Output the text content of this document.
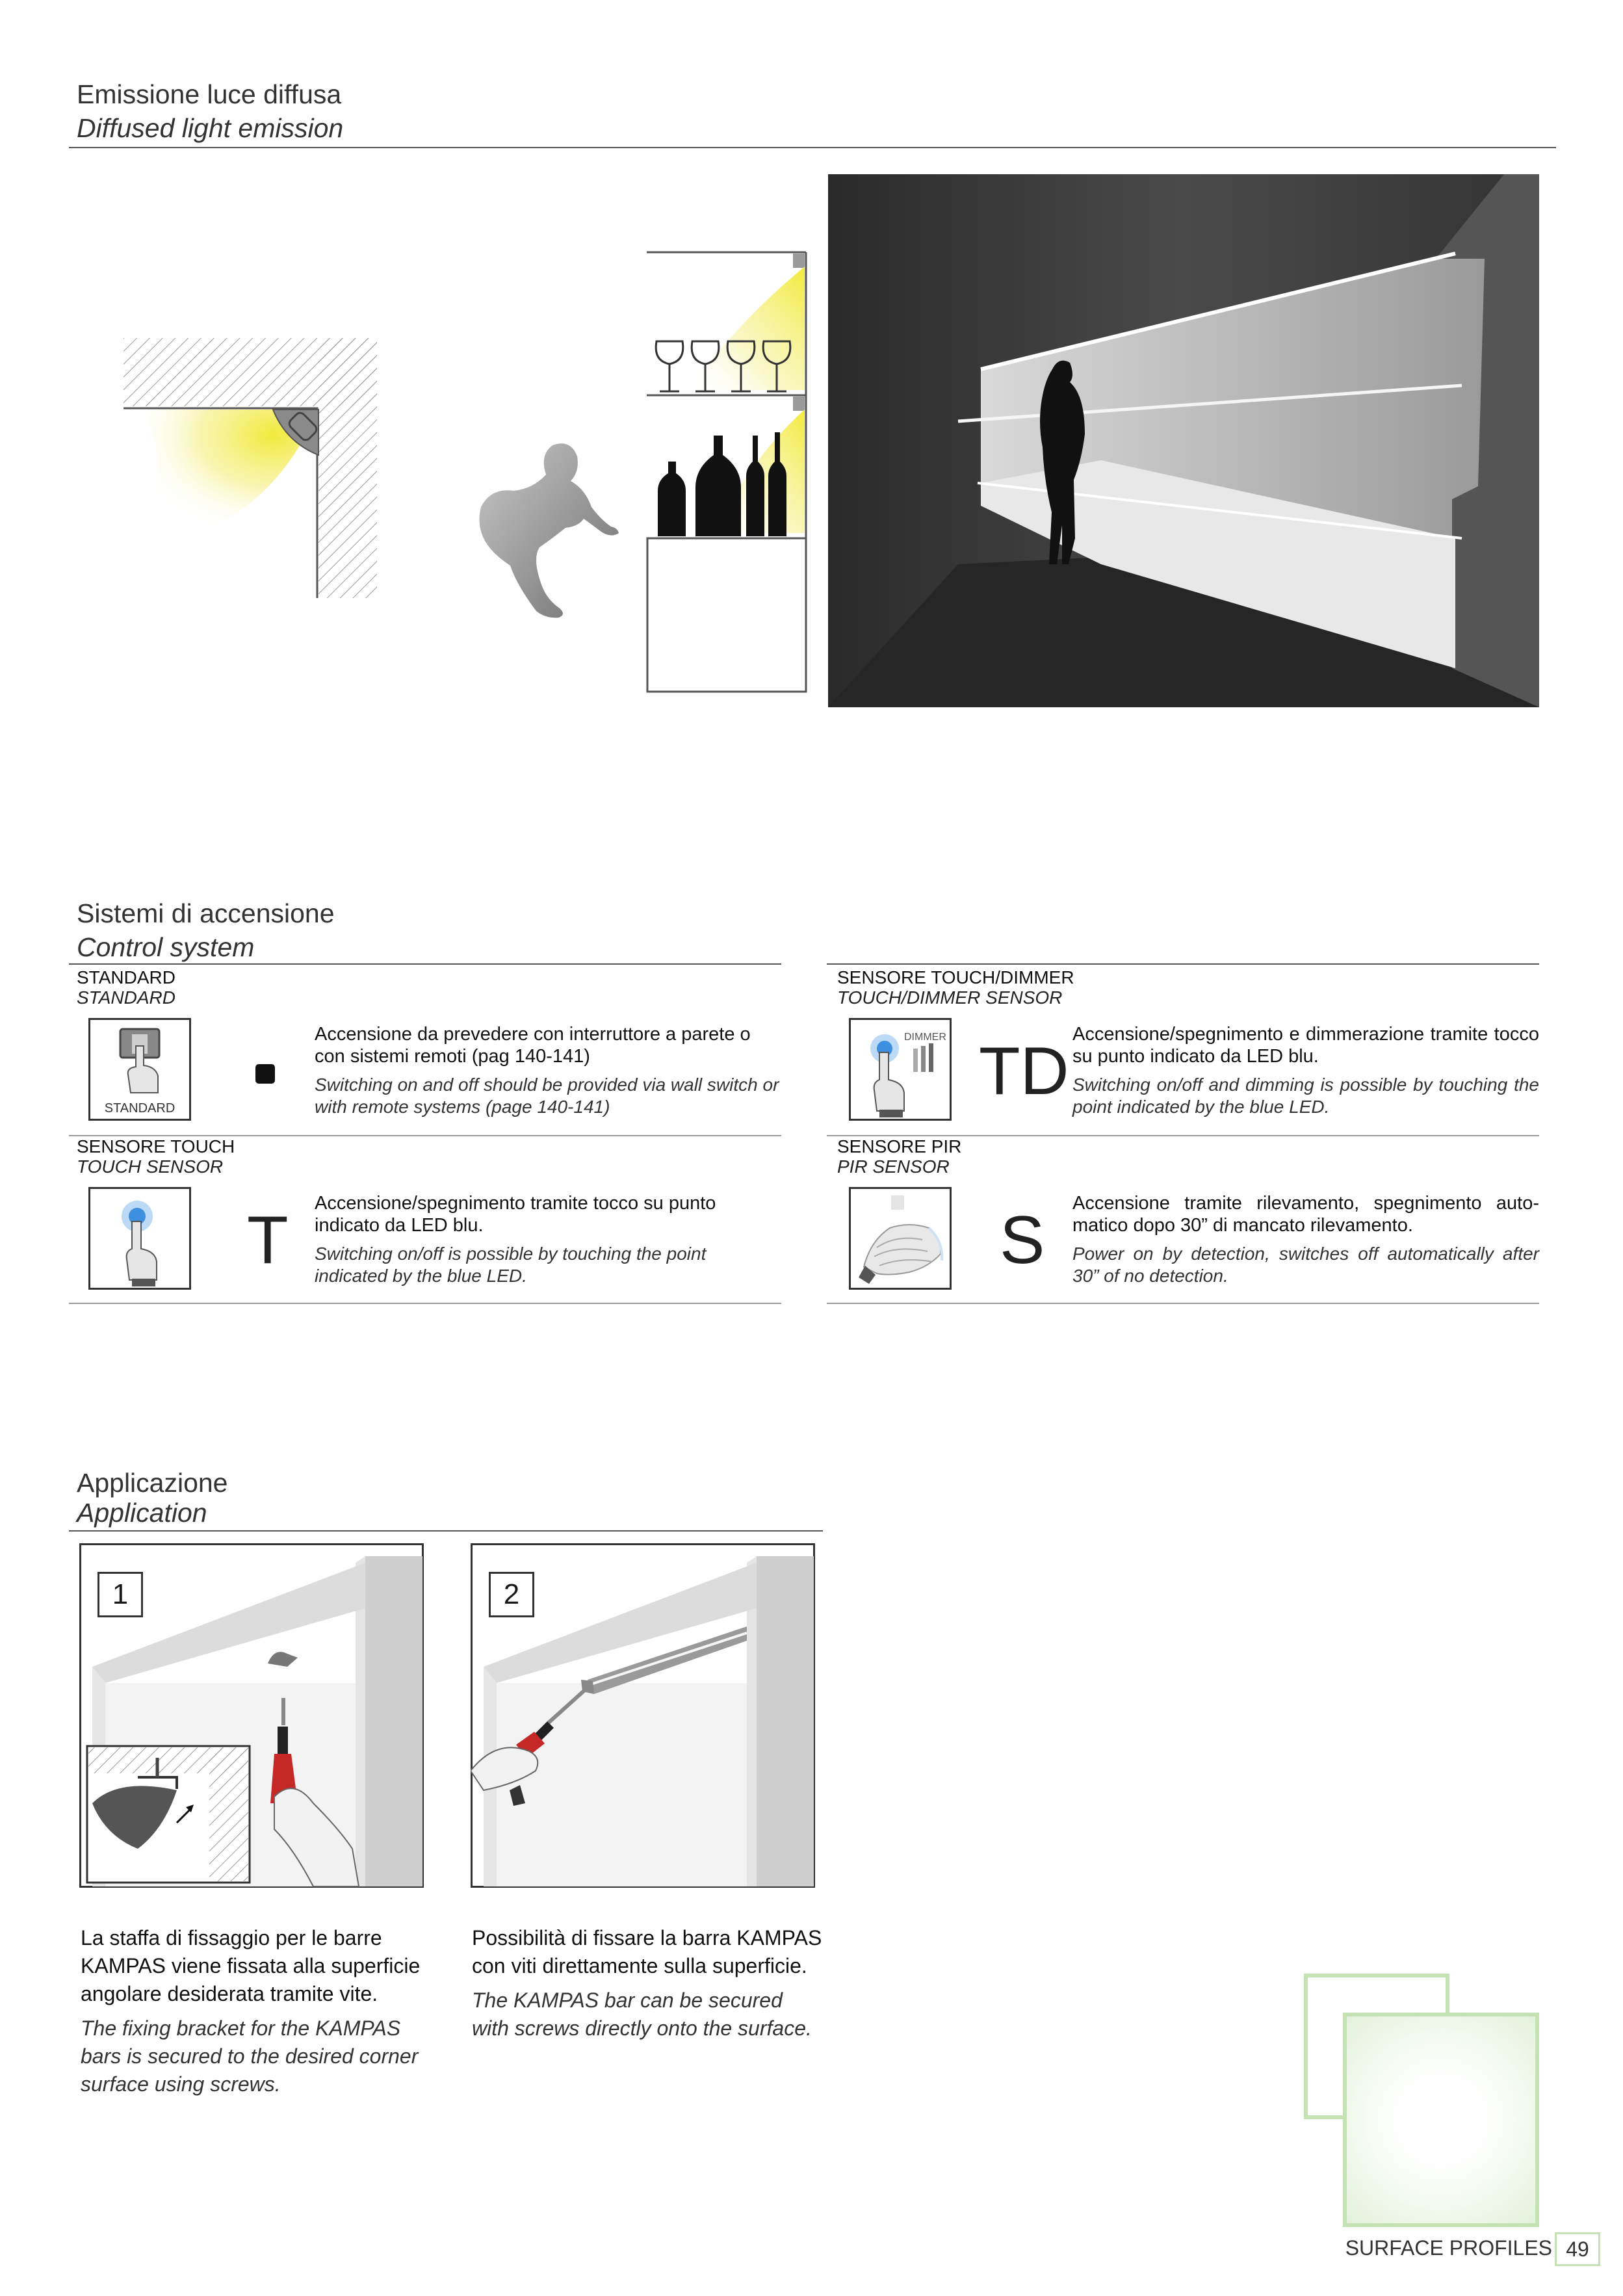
Emissione luce diffusa
Diffused light emission
Sistemi di accensione
Control system
STANDARD
STANDARD
STANDARD
Accensione da prevedere con interruttore a parete o con sistemi remoti (pag 140-141)
Switching on and off should be provided via wall switch or with remote systems (page 140-141)
SENSORE TOUCH/DIMMER
TOUCH/DIMMER SENSOR
DIMMER TD Accensione/spegnimento e dimmerazione tramite tocco su punto indicato da LED blu.
Switching on/off and dimming is possible by touching the point indicated by the blue LED.
SENSORE TOUCH
TOUCH SENSOR
T Accensione/spegnimento tramite tocco su punto indicato da LED blu.
Switching on/off is possible by touching the point indicated by the blue LED.
SENSORE PIR
PIR SENSOR
S Accensione tramite rilevamento, spegnimento auto-matico dopo 30” di mancato rilevamento.
Power on by detection, switches off automatically after 30” of no detection.
Applicazione
Application
1
La staffa di fissaggio per le barre KAMPAS viene fissata alla superficie angolare desiderata tramite vite.
The fixing bracket for the KAMPAS bars is secured to the desired corner surface using screws.
2
Possibilità di fissare la barra KAMPAS con viti direttamente sulla superficie.
The KAMPAS bar can be secured with screws directly onto the surface.
SURFACE PROFILES 49
